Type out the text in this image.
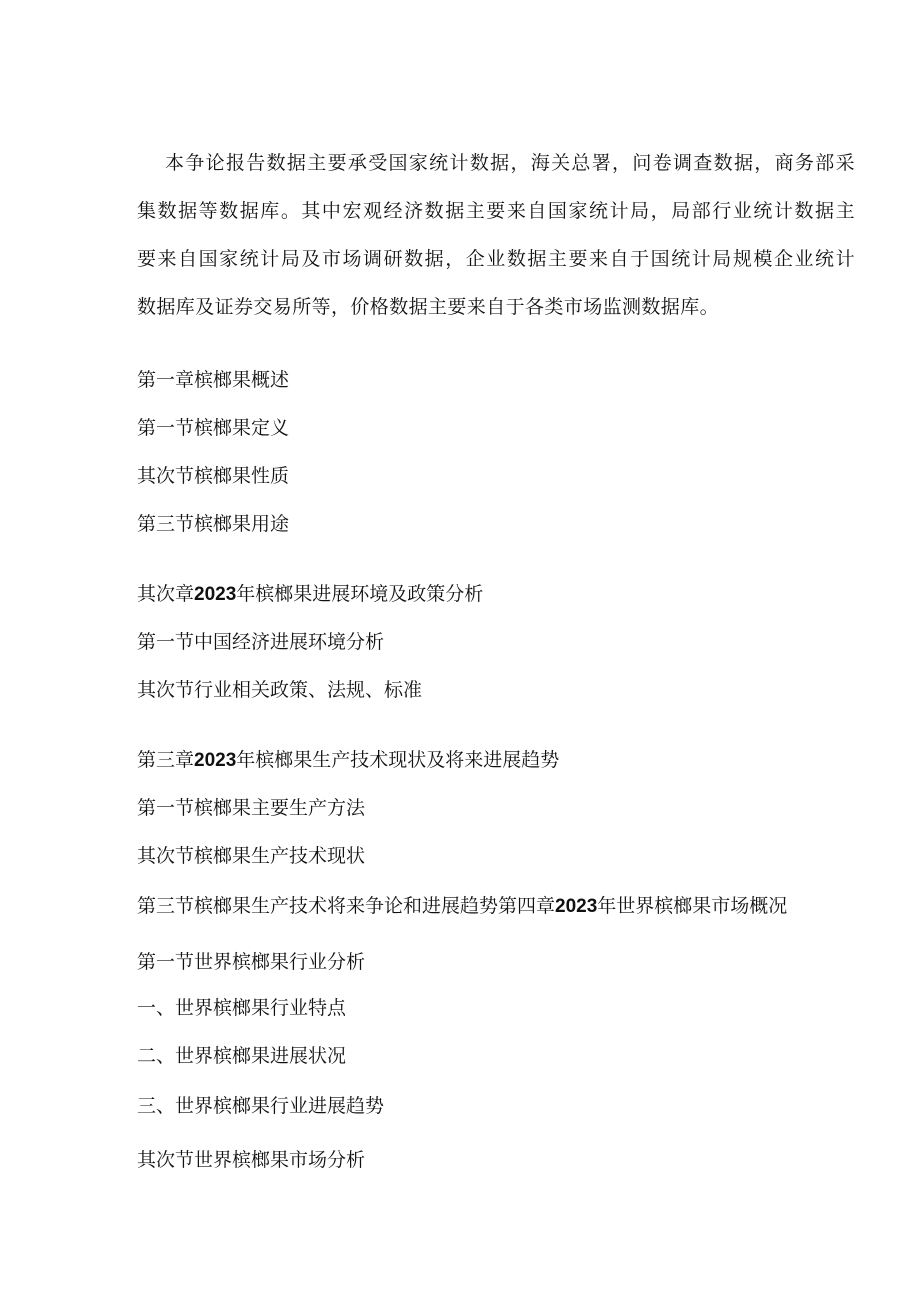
本争论报告数据主要承受国家统计数据，海关总署，问卷调查数据，商务部采
集数据等数据库。其中宏观经济数据主要来自国家统计局，局部行业统计数据主
要来自国家统计局及市场调研数据，企业数据主要来自于国统计局规模企业统计
数据库及证券交易所等，价格数据主要来自于各类市场监测数据库。
第一章槟榔果概述
第一节槟榔果定义
其次节槟榔果性质
第三节槟榔果用途
其次章2023年槟榔果进展环境及政策分析
第一节中国经济进展环境分析
其次节行业相关政策、法规、标准
第三章2023年槟榔果生产技术现状及将来进展趋势
第一节槟榔果主要生产方法
其次节槟榔果生产技术现状
第三节槟榔果生产技术将来争论和进展趋势第四章2023年世界槟榔果市场概况
第一节世界槟榔果行业分析
一、世界槟榔果行业特点
二、世界槟榔果进展状况
三、世界槟榔果行业进展趋势
其次节世界槟榔果市场分析
